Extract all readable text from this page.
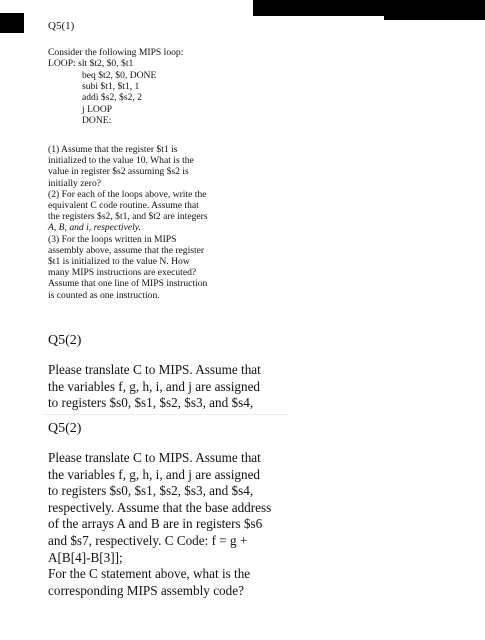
Q5(1)
Consider the following MIPS loop:
LOOP: slt $t2, $0, $t1
beq $t2, $0, DONE
subi $t1, $t1, 1
addi $s2, $s2, 2
j LOOP
DONE:
(1) Assume that the register $t1 is
initialized to the value 10. What is the
value in register $s2 assuming $s2 is
initially zero?
(2) For each of the loops above, write the
equivalent C code routine. Assume that
the registers $s2, $t1, and $t2 are integers
A, B, and i, respectively.
(3) For the loops written in MIPS
assembly above, assume that the register
$t1 is initialized to the value N. How
many MIPS instructions are executed?
Assume that one line of MIPS instruction
is counted as one instruction.
Q5(2)
Please translate C to MIPS. Assume that
the variables f, g, h, i, and j are assigned
to registers $s0, $s1, $s2, $s3, and $s4,
Q5(2)
Please translate C to MIPS. Assume that
the variables f, g, h, i, and j are assigned
to registers $s0, $s1, $s2, $s3, and $s4,
respectively. Assume that the base address
of the arrays A and B are in registers $s6
and $s7, respectively. C Code: f = g +
A[B[4]-B[3]];
For the C statement above, what is the
corresponding MIPS assembly code?
